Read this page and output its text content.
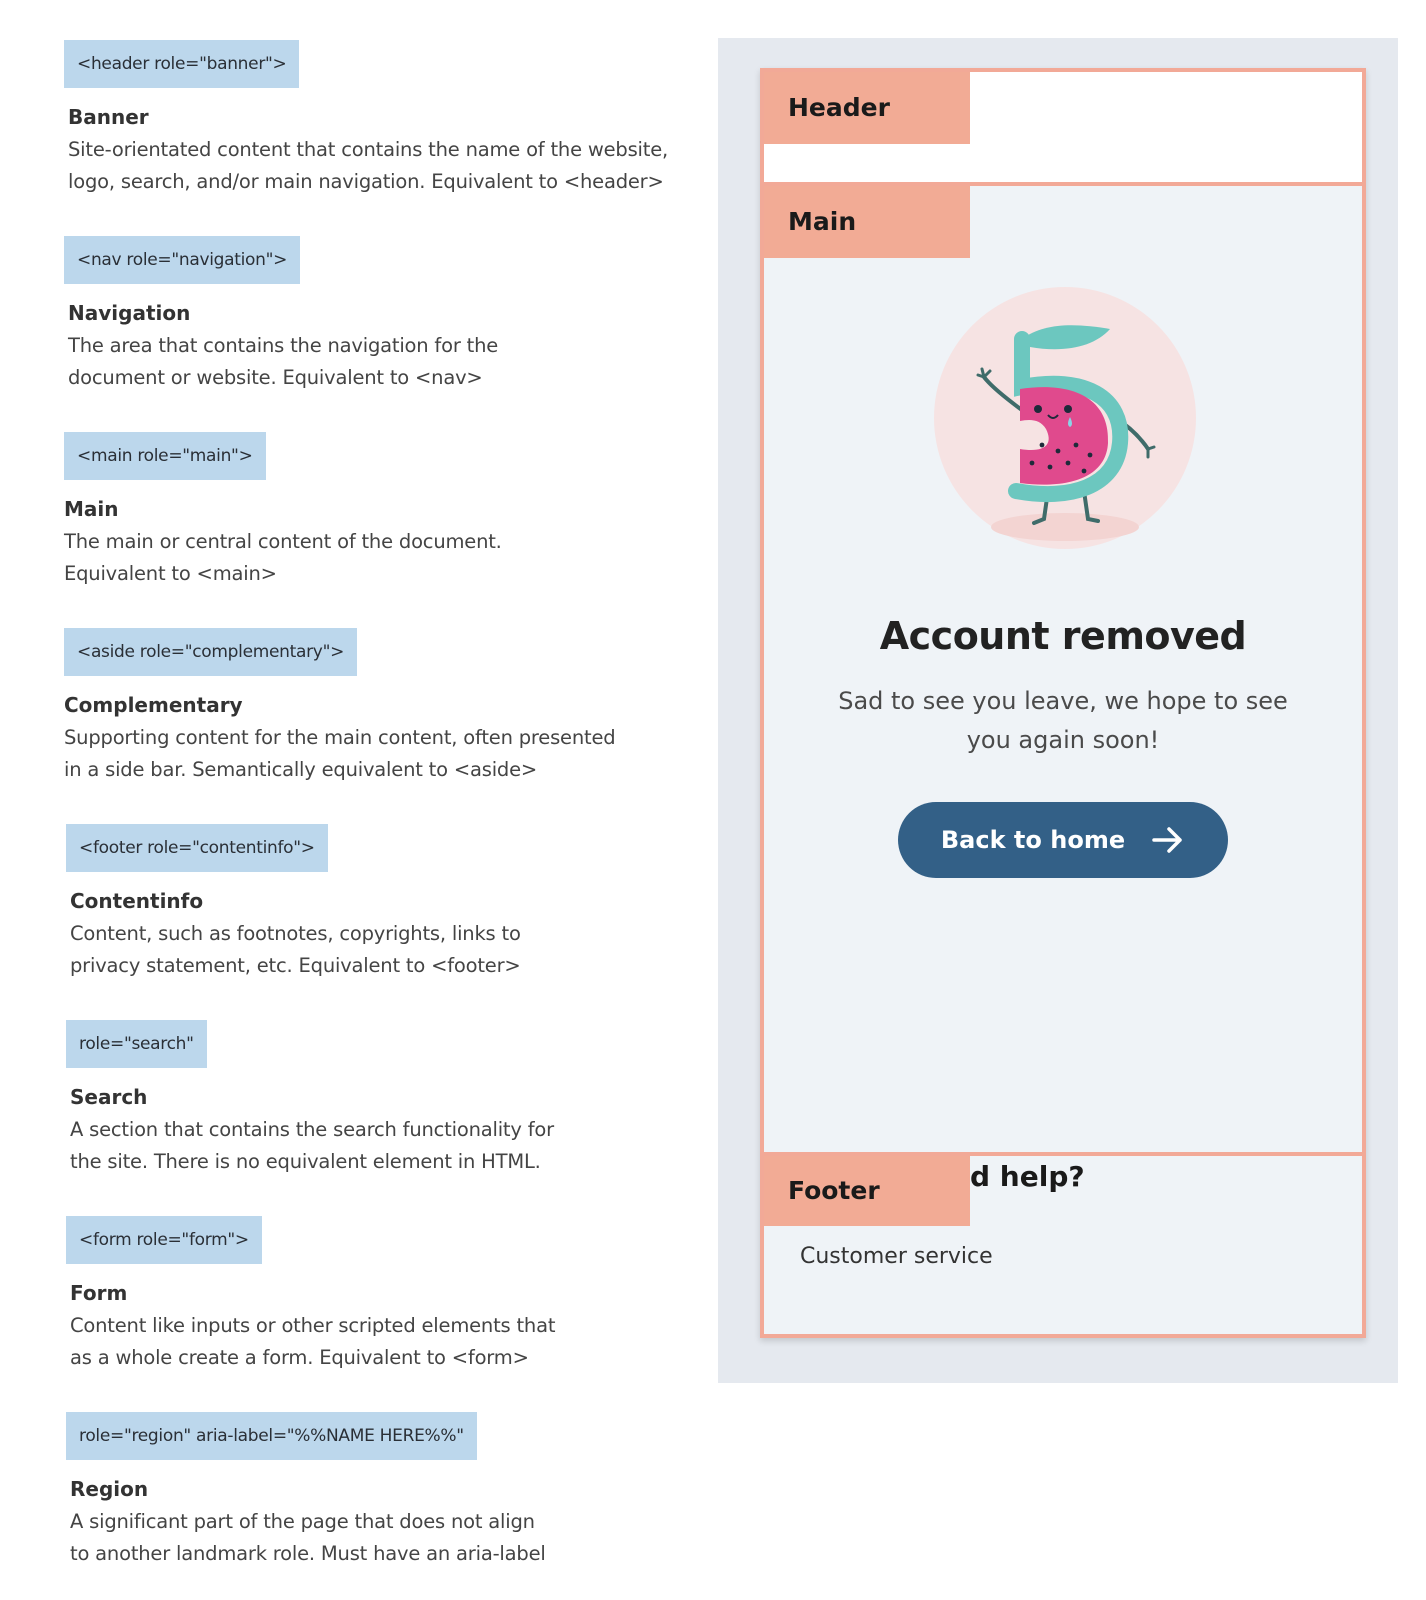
<header role="banner">
Banner
Site-orientated content that contains the name of the website,
logo, search, and/or main navigation. Equivalent to <header>
<nav role="navigation">
Navigation
The area that contains the navigation for the
document or website. Equivalent to <nav>
<main role="main">
Main
The main or central content of the document.
Equivalent to <main>
<aside role="complementary">
Complementary
Supporting content for the main content, often presented
in a side bar. Semantically equivalent to <aside>
<footer role="contentinfo">
Contentinfo
Content, such as footnotes, copyrights, links to
privacy statement, etc. Equivalent to <footer>
role="search"
Search
A section that contains the search functionality for
the site. There is no equivalent element in HTML.
<form role="form">
Form
Content like inputs or other scripted elements that
as a whole create a form. Equivalent to <form>
role="region" aria-label="%%NAME HERE%%"
Region
A significant part of the page that does not align
to another landmark role. Must have an aria-label
Header
Main
Account removed
Sad to see you leave, we hope to see you again soon!
Back to home
d help?
Footer
Customer service
